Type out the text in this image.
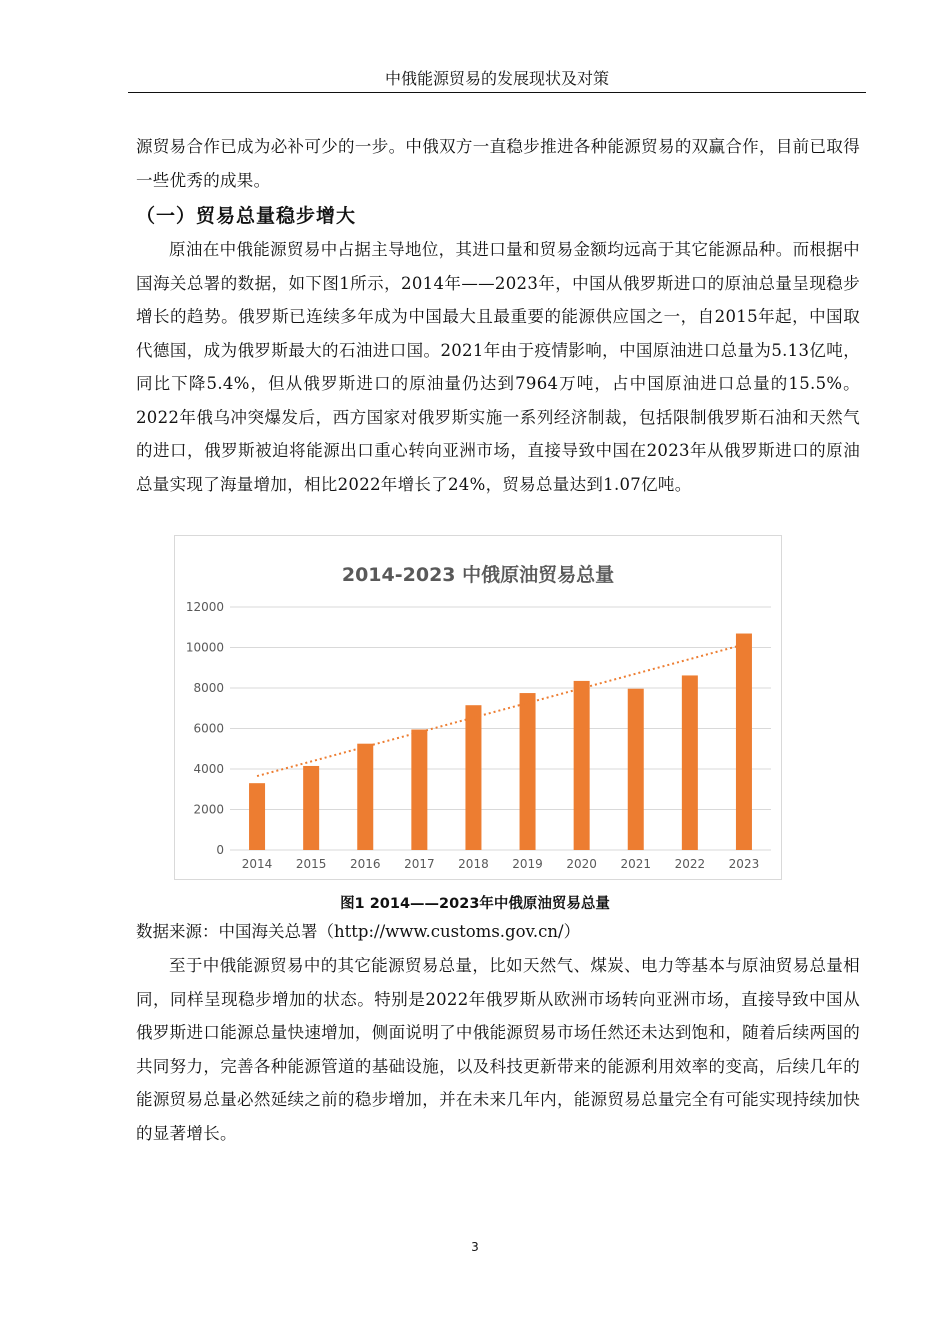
中俄能源贸易的发展现状及对策

源贸易合作已成为必补可少的一步。中俄双方一直稳步推进各种能源贸易的双赢合作，目前已取得一些优秀的成果。

（一）贸易总量稳步增大

原油在中俄能源贸易中占据主导地位，其进口量和贸易金额均远高于其它能源品种。而根据中国海关总署的数据，如下图1所示，2014年——2023年，中国从俄罗斯进口的原油总量呈现稳步增长的趋势。俄罗斯已连续多年成为中国最大且最重要的能源供应国之一，自2015年起，中国取代德国，成为俄罗斯最大的石油进口国。2021年由于疫情影响，中国原油进口总量为5.13亿吨，同比下降5.4%，但从俄罗斯进口的原油量仍达到7964万吨，占中国原油进口总量的15.5%。2022年俄乌冲突爆发后，西方国家对俄罗斯实施一系列经济制裁，包括限制俄罗斯石油和天然气的进口，俄罗斯被迫将能源出口重心转向亚洲市场，直接导致中国在2023年从俄罗斯进口的原油总量实现了海量增加，相比2022年增长了24%，贸易总量达到1.07亿吨。

2014-2023 中俄原油贸易总量
0
2000
4000
6000
8000
10000
12000
2014 2015 2016 2017 2018 2019 2020 2021 2022 2023
图1 2014——2023年中俄原油贸易总量
数据来源：中国海关总署（http://www.customs.gov.cn/）

至于中俄能源贸易中的其它能源贸易总量，比如天然气、煤炭、电力等基本与原油贸易总量相同，同样呈现稳步增加的状态。特别是2022年俄罗斯从欧洲市场转向亚洲市场，直接导致中国从俄罗斯进口能源总量快速增加，侧面说明了中俄能源贸易市场任然还未达到饱和，随着后续两国的共同努力，完善各种能源管道的基础设施，以及科技更新带来的能源利用效率的变高，后续几年的能源贸易总量必然延续之前的稳步增加，并在未来几年内，能源贸易总量完全有可能实现持续加快的显著增长。

3
